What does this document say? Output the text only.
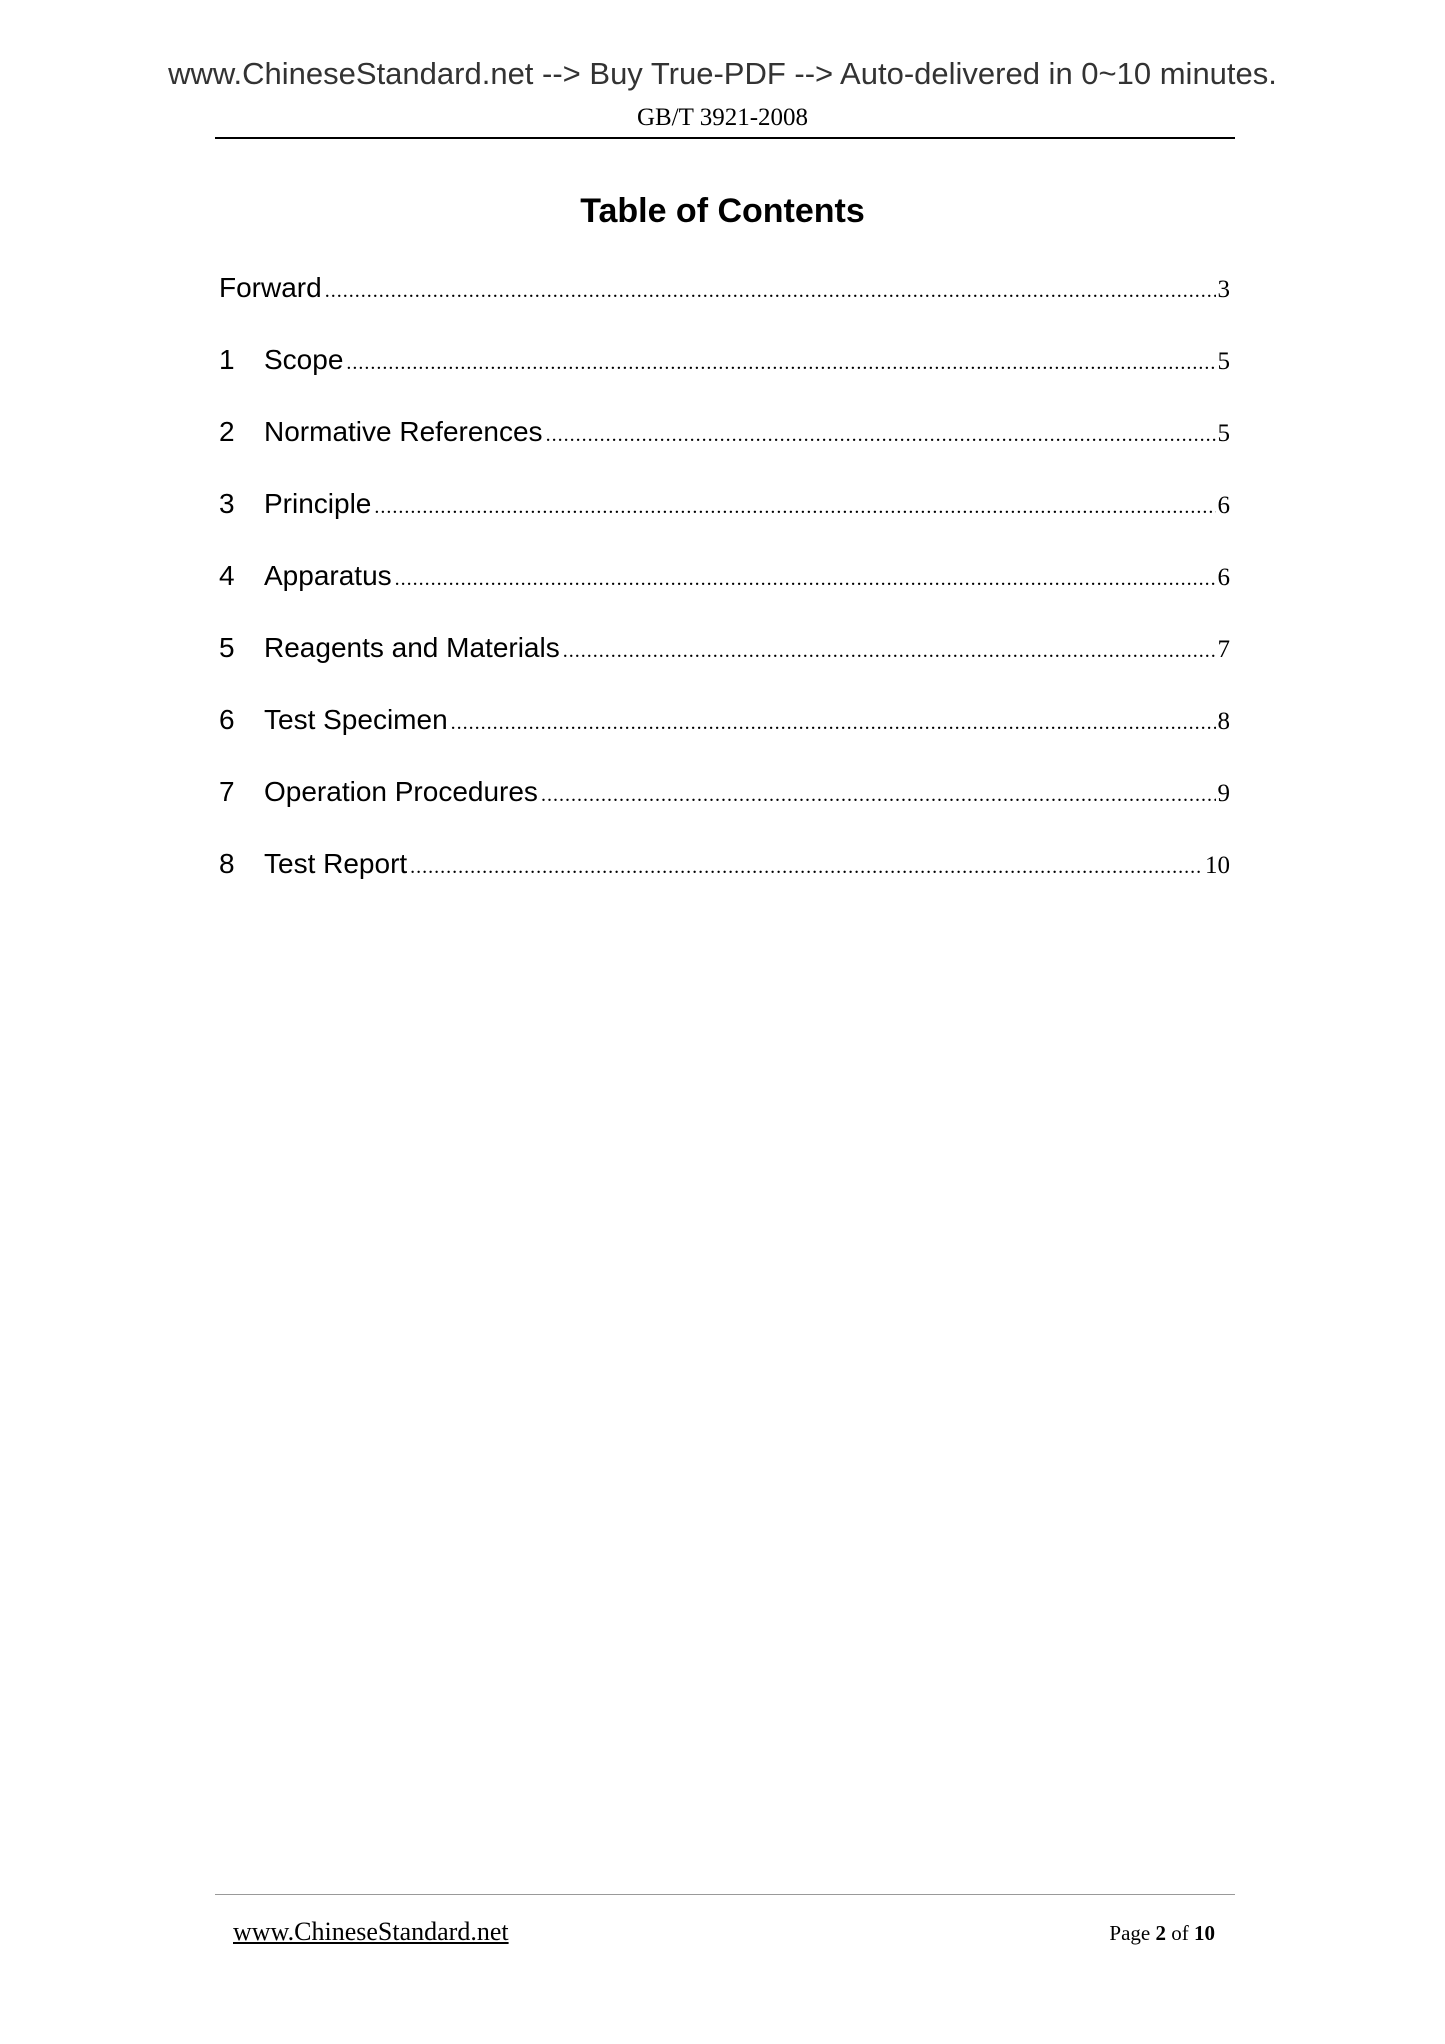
www.ChineseStandard.net --> Buy True-PDF --> Auto-delivered in 0~10 minutes.
GB/T 3921-2008
Table of Contents
Forward .....	3
1	Scope .....	5
2	Normative References .....	5
3	Principle .....	6
4	Apparatus .....	6
5	Reagents and Materials .....	7
6	Test Specimen .....	8
7	Operation Procedures .....	9
8	Test Report .....	10
www.ChineseStandard.net	Page 2 of 10
